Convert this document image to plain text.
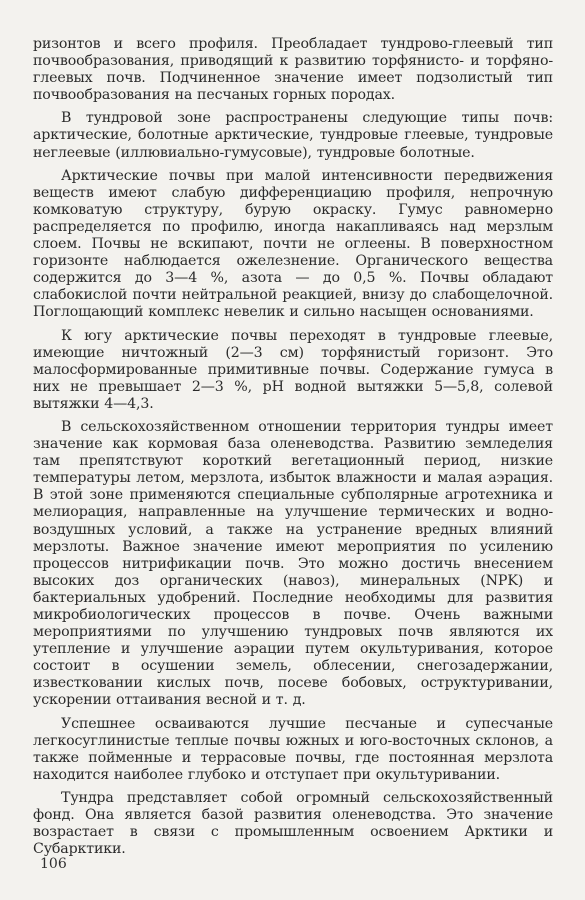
ризонтов и всего профиля. Преобладает тундрово-глеевый тип почвообразования, приводящий к развитию торфянисто- и торфяно-глеевых почв. Подчиненное значение имеет подзолистый тип почвообразования на песчаных горных породах.

В тундровой зоне распространены следующие типы почв: арктические, болотные арктические, тундровые глеевые, тундровые неглеевые (иллювиально-гумусовые), тундровые болотные.

Арктические почвы при малой интенсивности передвижения веществ имеют слабую дифференциацию профиля, непрочную комковатую структуру, бурую окраску. Гумус равномерно распределяется по профилю, иногда накапливаясь над мерзлым слоем. Почвы не вскипают, почти не оглеены. В поверхностном горизонте наблюдается ожелезнение. Органического вещества содержится до 3—4 %, азота — до 0,5 %. Почвы обладают слабокислой почти нейтральной реакцией, внизу до слабощелочной. Поглощающий комплекс невелик и сильно насыщен основаниями.

К югу арктические почвы переходят в тундровые глеевые, имеющие ничтожный (2—3 см) торфянистый горизонт. Это малосформированные примитивные почвы. Содержание гумуса в них не превышает 2—3 %, pH водной вытяжки 5—5,8, солевой вытяжки 4—4,3.

В сельскохозяйственном отношении территория тундры имеет значение как кормовая база оленеводства. Развитию земледелия там препятствуют короткий вегетационный период, низкие температуры летом, мерзлота, избыток влажности и малая аэрация. В этой зоне применяются специальные субполярные агротехника и мелиорация, направленные на улучшение термических и водно-воздушных условий, а также на устранение вредных влияний мерзлоты. Важное значение имеют мероприятия по усилению процессов нитрификации почв. Это можно достичь внесением высоких доз органических (навоз), минеральных (NPK) и бактериальных удобрений. Последние необходимы для развития микробиологических процессов в почве. Очень важными мероприятиями по улучшению тундровых почв являются их утепление и улучшение аэрации путем окультуривания, которое состоит в осушении земель, облесении, снегозадержании, известковании кислых почв, посеве бобовых, оструктуривании, ускорении оттаивания весной и т. д.

Успешнее осваиваются лучшие песчаные и супесчаные легкосуглинистые теплые почвы южных и юго-восточных склонов, а также пойменные и террасовые почвы, где постоянная мерзлота находится наиболее глубоко и отступает при окультуривании.

Тундра представляет собой огромный сельскохозяйственный фонд. Она является базой развития оленеводства. Это значение возрастает в связи с промышленным освоением Арктики и Субарктики.

106
